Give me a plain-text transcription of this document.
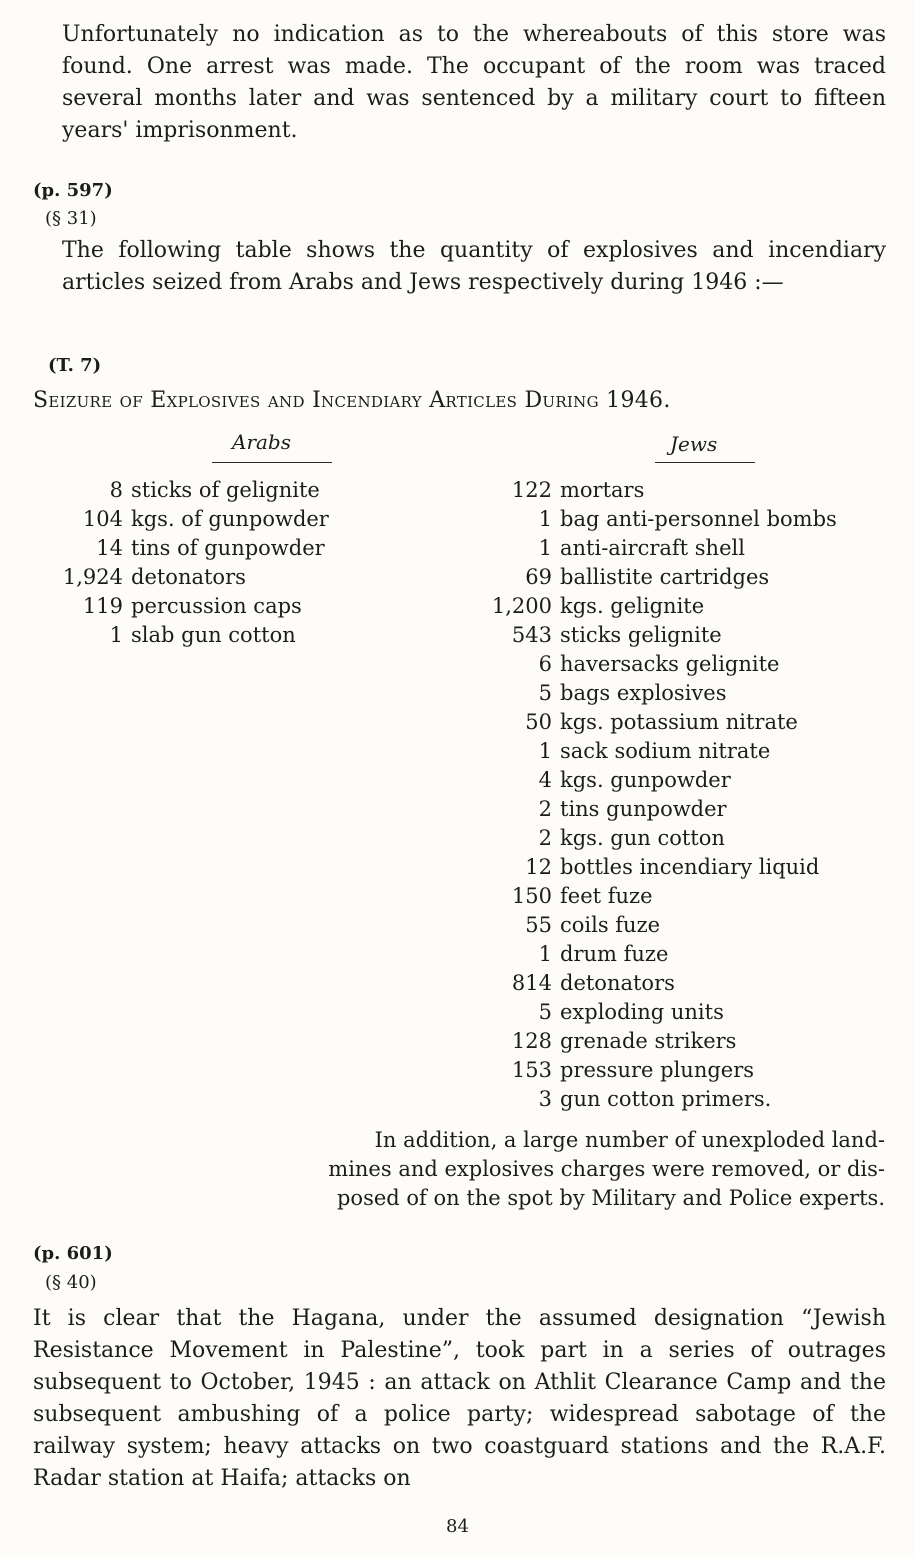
Unfortunately no indication as to the whereabouts of this store was found. One arrest was made. The occupant of the room was traced several months later and was sentenced by a military court to fifteen years' imprisonment.

(p. 597)

(§ 31)

The following table shows the quantity of explosives and incendiary articles seized from Arabs and Jews respectively during 1946 :—

(T. 7)

Seizure of Explosives and Incendiary Articles During 1946.

Arabs	Jews

8 sticks of gelignite
104 kgs. of gunpowder
14 tins of gunpowder
1,924 detonators
119 percussion caps
1 slab gun cotton
122 mortars
1 bag anti-personnel bombs
1 anti-aircraft shell
69 ballistite cartridges
1,200 kgs. gelignite
543 sticks gelignite
6 haversacks gelignite
5 bags explosives
50 kgs. potassium nitrate
1 sack sodium nitrate
4 kgs. gunpowder
2 tins gunpowder
2 kgs. gun cotton
12 bottles incendiary liquid
150 feet fuze
55 coils fuze
1 drum fuze
814 detonators
5 exploding units
128 grenade strikers
153 pressure plungers
3 gun cotton primers.

In addition, a large number of unexploded land-

mines and explosives charges were removed, or dis-

posed of on the spot by Military and Police experts.

(p. 601)

(§ 40)

It is clear that the Hagana, under the assumed designation “Jewish Resistance Movement in Palestine”, took part in a series of outrages subsequent to October, 1945 : an attack on Athlit Clearance Camp and the subsequent ambushing of a police party; widespread sabotage of the railway system; heavy attacks on two coastguard stations and the R.A.F. Radar station at Haifa; attacks on

84
